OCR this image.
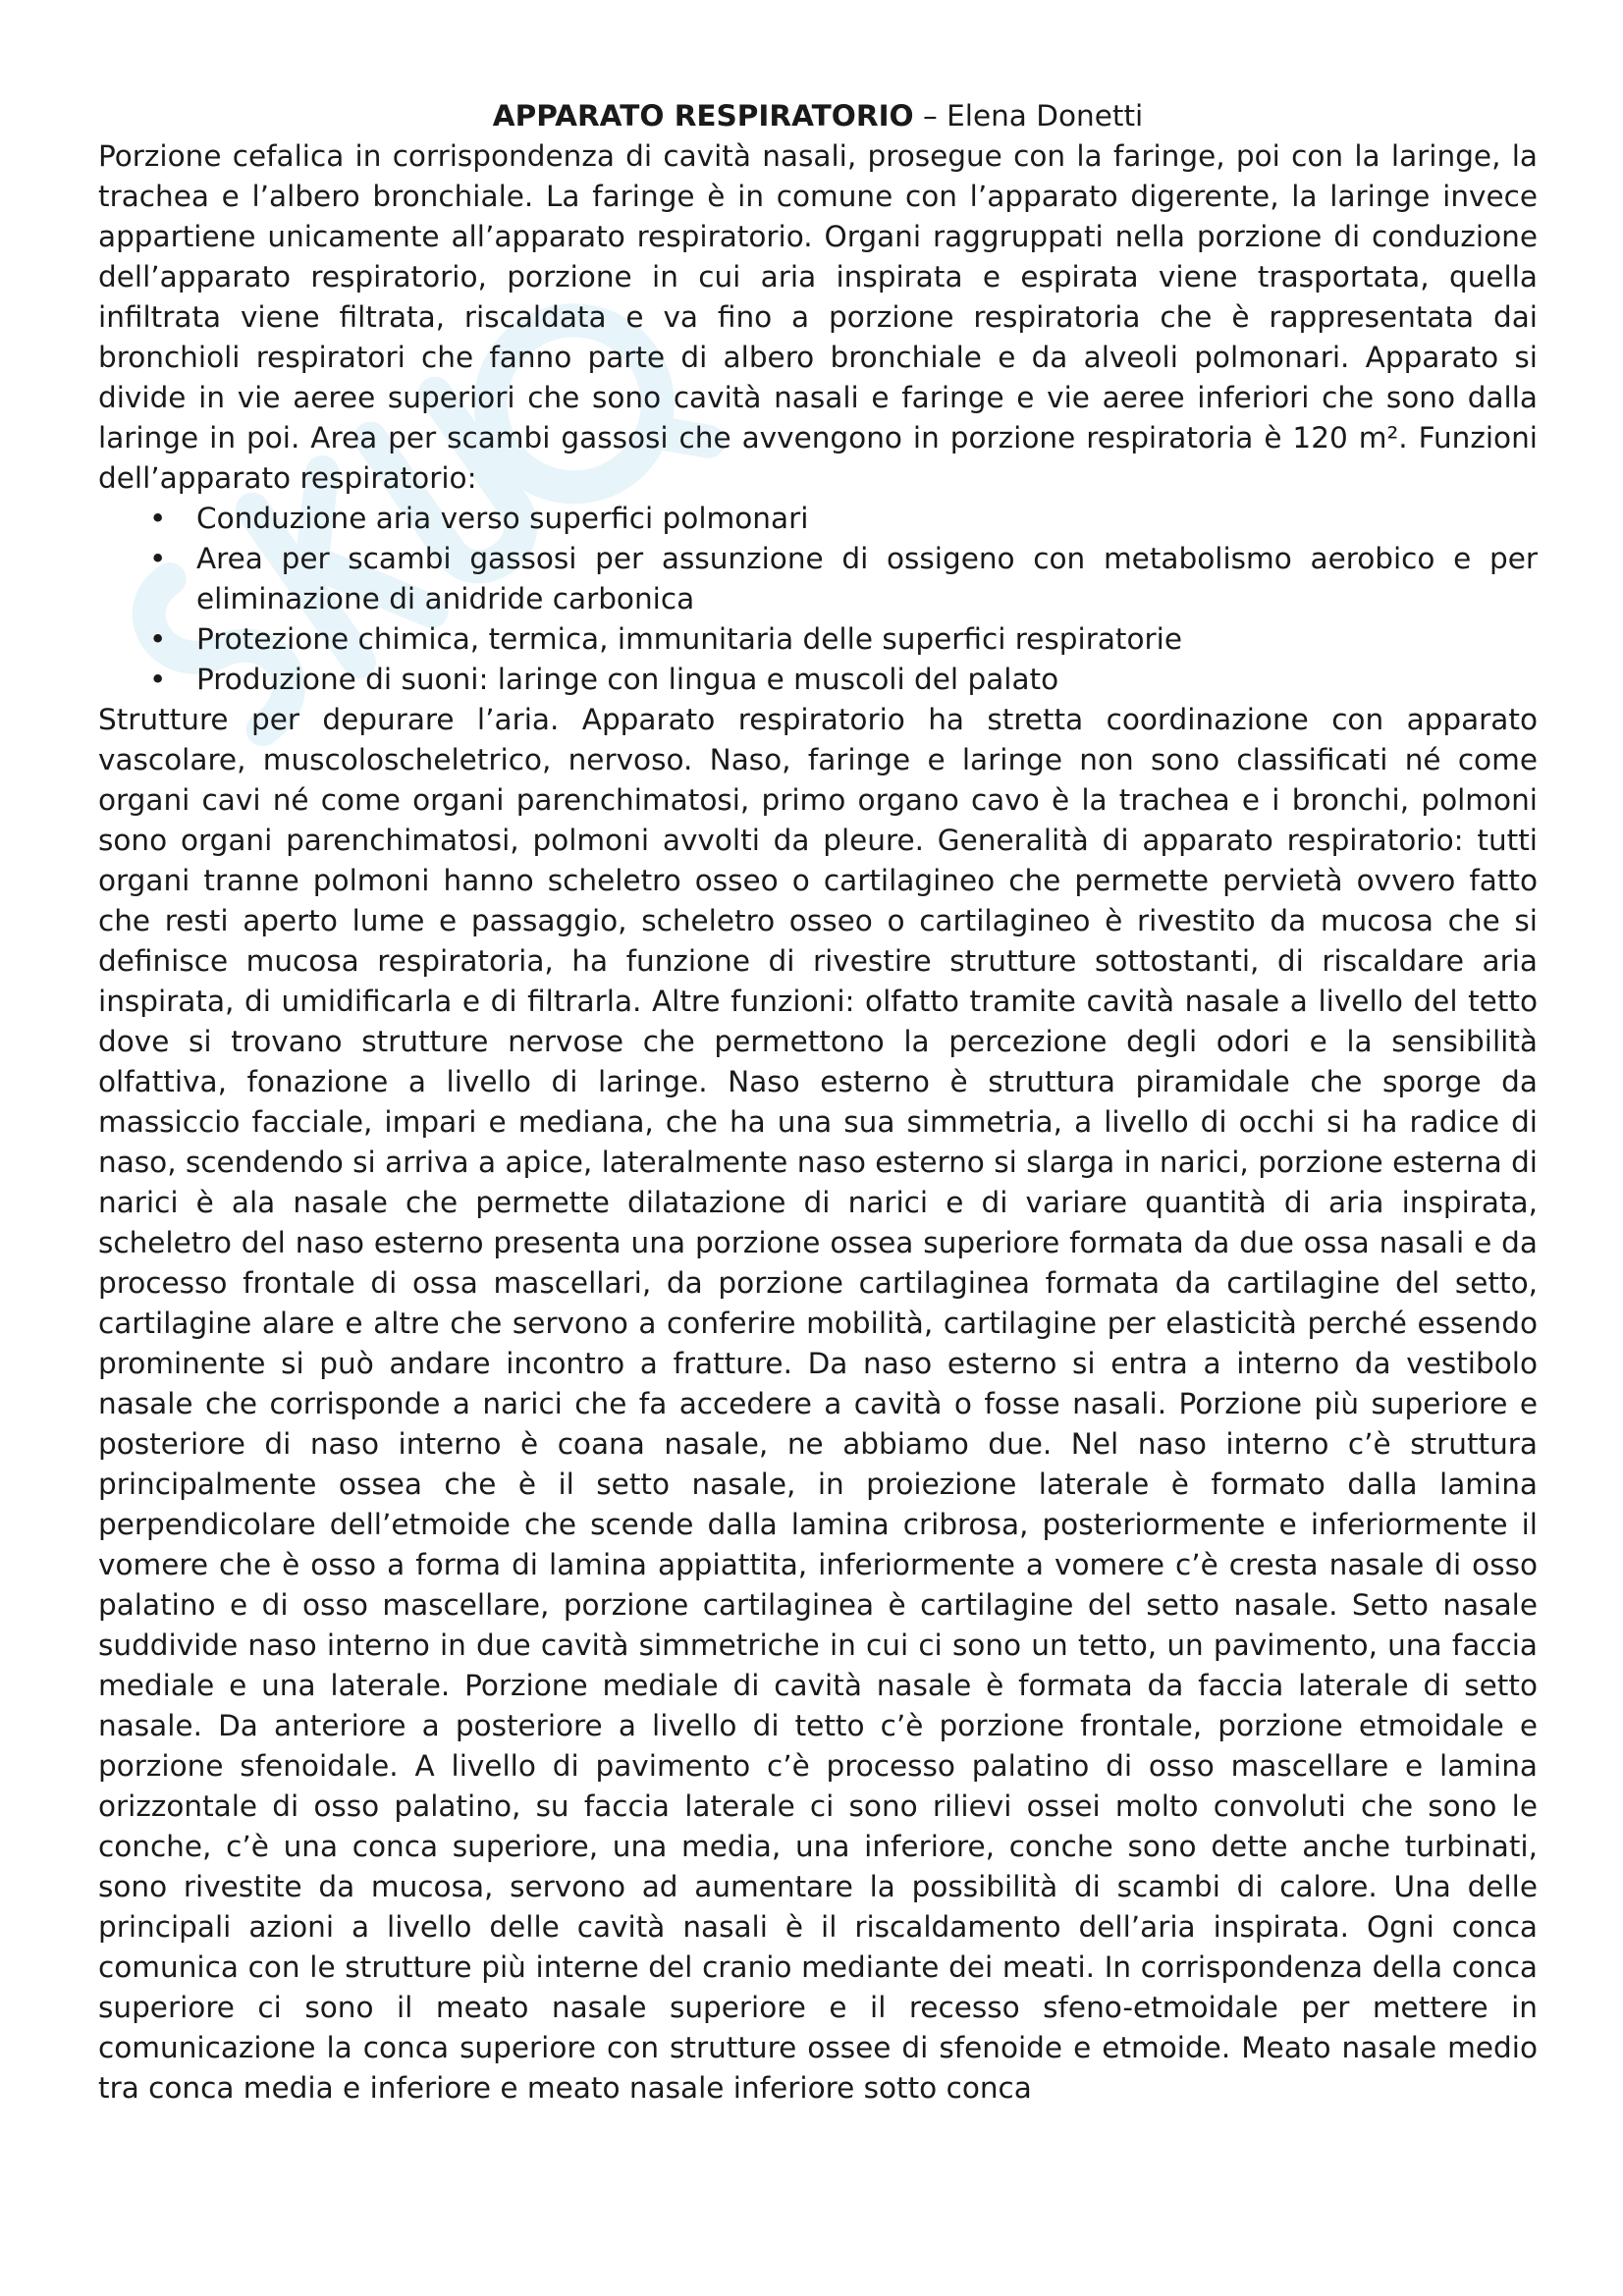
APPARATO RESPIRATORIO – Elena Donetti

Porzione cefalica in corrispondenza di cavità nasali, prosegue con la faringe, poi con la laringe, la trachea e l’albero bronchiale. La faringe è in comune con l’apparato digerente, la laringe invece appartiene unicamente all’apparato respiratorio. Organi raggruppati nella porzione di conduzione dell’apparato respiratorio, porzione in cui aria inspirata e espirata viene trasportata, quella infiltrata viene filtrata, riscaldata e va fino a porzione respiratoria che è rappresentata dai bronchioli respiratori che fanno parte di albero bronchiale e da alveoli polmonari. Apparato si divide in vie aeree superiori che sono cavità nasali e faringe e vie aeree inferiori che sono dalla laringe in poi. Area per scambi gassosi che avvengono in porzione respiratoria è 120 m². Funzioni dell’apparato respiratorio:

• Conduzione aria verso superfici polmonari
• Area per scambi gassosi per assunzione di ossigeno con metabolismo aerobico e per eliminazione di anidride carbonica
• Protezione chimica, termica, immunitaria delle superfici respiratorie
• Produzione di suoni: laringe con lingua e muscoli del palato

Strutture per depurare l’aria. Apparato respiratorio ha stretta coordinazione con apparato vascolare, muscoloscheletrico, nervoso. Naso, faringe e laringe non sono classificati né come organi cavi né come organi parenchimatosi, primo organo cavo è la trachea e i bronchi, polmoni sono organi parenchimatosi, polmoni avvolti da pleure. Generalità di apparato respiratorio: tutti organi tranne polmoni hanno scheletro osseo o cartilagineo che permette pervietà ovvero fatto che resti aperto lume e passaggio, scheletro osseo o cartilagineo è rivestito da mucosa che si definisce mucosa respiratoria, ha funzione di rivestire strutture sottostanti, di riscaldare aria inspirata, di umidificarla e di filtrarla. Altre funzioni: olfatto tramite cavità nasale a livello del tetto dove si trovano strutture nervose che permettono la percezione degli odori e la sensibilità olfattiva, fonazione a livello di laringe. Naso esterno è struttura piramidale che sporge da massiccio facciale, impari e mediana, che ha una sua simmetria, a livello di occhi si ha radice di naso, scendendo si arriva a apice, lateralmente naso esterno si slarga in narici, porzione esterna di narici è ala nasale che permette dilatazione di narici e di variare quantità di aria inspirata, scheletro del naso esterno presenta una porzione ossea superiore formata da due ossa nasali e da processo frontale di ossa mascellari, da porzione cartilaginea formata da cartilagine del setto, cartilagine alare e altre che servono a conferire mobilità, cartilagine per elasticità perché essendo prominente si può andare incontro a fratture. Da naso esterno si entra a interno da vestibolo nasale che corrisponde a narici che fa accedere a cavità o fosse nasali. Porzione più superiore e posteriore di naso interno è coana nasale, ne abbiamo due. Nel naso interno c’è struttura principalmente ossea che è il setto nasale, in proiezione laterale è formato dalla lamina perpendicolare dell’etmoide che scende dalla lamina cribrosa, posteriormente e inferiormente il vomere che è osso a forma di lamina appiattita, inferiormente a vomere c’è cresta nasale di osso palatino e di osso mascellare, porzione cartilaginea è cartilagine del setto nasale. Setto nasale suddivide naso interno in due cavità simmetriche in cui ci sono un tetto, un pavimento, una faccia mediale e una laterale. Porzione mediale di cavità nasale è formata da faccia laterale di setto nasale. Da anteriore a posteriore a livello di tetto c’è porzione frontale, porzione etmoidale e porzione sfenoidale. A livello di pavimento c’è processo palatino di osso mascellare e lamina orizzontale di osso palatino, su faccia laterale ci sono rilievi ossei molto convoluti che sono le conche, c’è una conca superiore, una media, una inferiore, conche sono dette anche turbinati, sono rivestite da mucosa, servono ad aumentare la possibilità di scambi di calore. Una delle principali azioni a livello delle cavità nasali è il riscaldamento dell’aria inspirata. Ogni conca comunica con le strutture più interne del cranio mediante dei meati. In corrispondenza della conca superiore ci sono il meato nasale superiore e il recesso sfeno-etmoidale per mettere in comunicazione la conca superiore con strutture ossee di sfenoide e etmoide. Meato nasale medio tra conca media e inferiore e meato nasale inferiore sotto conca
